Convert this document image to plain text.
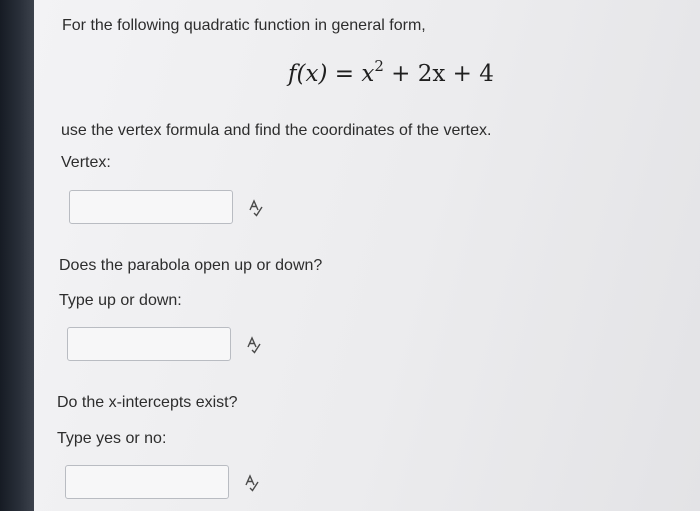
For the following quadratic function in general form,
$f(x) = x^2 + 2x + 4$
use the vertex formula and find the coordinates of the vertex.
Vertex:
Does the parabola open up or down?
Type up or down:
Do the x-intercepts exist?
Type yes or no:
